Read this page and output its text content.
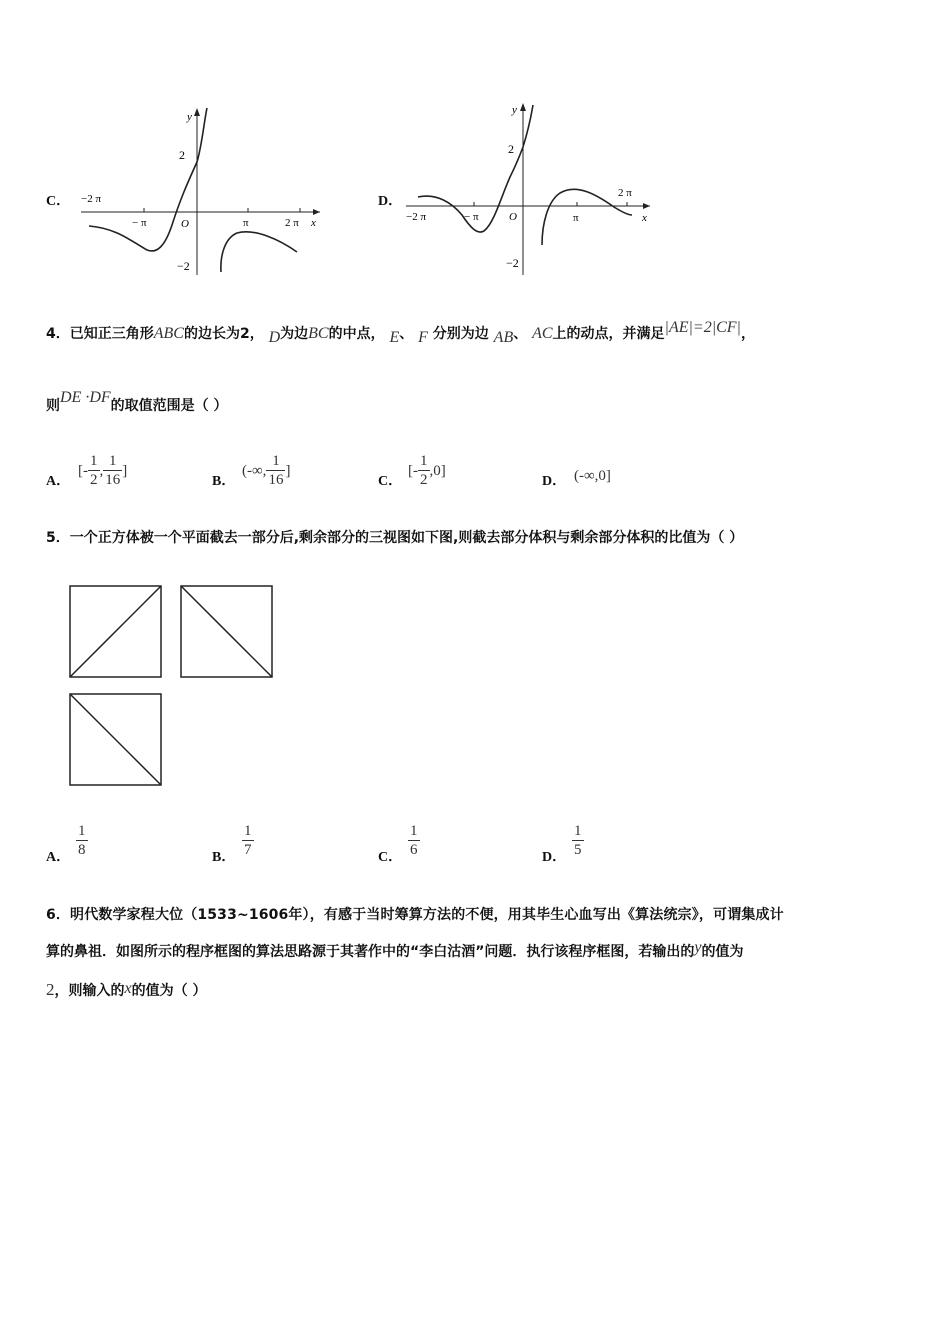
C．
y
x
O
2
−2
−2 π
− π	π	2 π
D．
y
x
O
2
−2
−2 π	− π	π
2 π
4．已知正三角形ABC的边长为2， D为边BC的中点， E、 F 分别为边 AB、 AC上的动点，并满足|AE|=2|CF|，
则DE ·DF的取值范围是（ ）
A．
[- $\frac{1}{2}$ , $\frac{1}{16}$ ]
B．
(-∞, $\frac{1}{16}$ ]
C．
[- $\frac{1}{2} ,0$]
D． (-∞,0]
5．一个正方体被一个平面截去一部分后,剩余部分的三视图如下图,则截去部分体积与剩余部分体积的比值为（ ）
A． $\frac{1}{8}$	B． $\frac{1}{7}$	C． $\frac{1}{6}$	D． $\frac{1}{5}$
6．明代数学家程大位（1533~1606年），有感于当时筹算方法的不便，用其毕生心血写出《算法统宗》，可谓集成计
算的鼻祖．如图所示的程序框图的算法思路源于其著作中的“李白沽酒”问题．执行该程序框图，若输出的y的值为
2，则输入的x的值为（ ）
